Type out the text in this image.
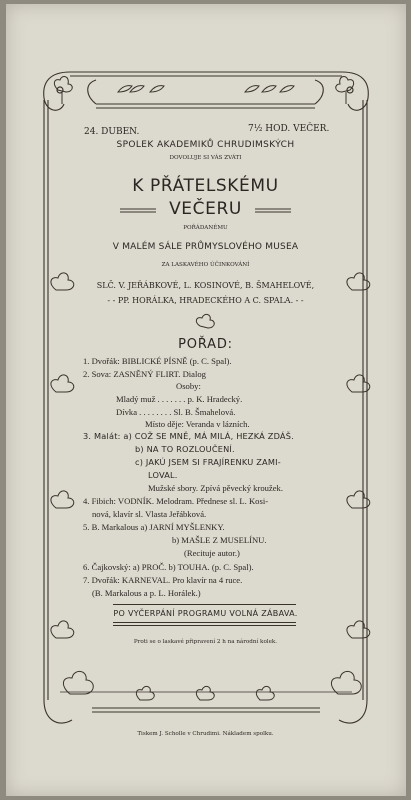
24. DUBEN.	7½ HOD. VEČER.
SPOLEK AKADEMIKŮ CHRUDIMSKÝCH
DOVOLUJE SI VÁS ZVÁTI
K PŘÁTELSKÉMU
VEČERU
POŘÁDANÉMU
V MALÉM SÁLE PRŮMYSLOVÉHO MUSEA
ZA LASKAVÉHO ÚČINKOVÁNÍ
SLČ. V. JEŘÁBKOVÉ, L. KOSINOVÉ, B. ŠMAHELOVÉ,
- - PP. HORÁLKA, HRADECKÉHO A C. SPALA. - -
POŘAD:
1. Dvořák: BIBLICKÉ PÍSNĚ (p. C. Spal).
2. Sova: ZASNĚNÝ FLIRT. Dialog
Osoby:
Mladý muž . . . . . . . p. K. Hradecký.
Dívka . . . . . . . . Sl. B. Šmahelová.
Místo děje: Veranda v lázních.
3. Malát: a) COŽ SE MNĚ, MÁ MILÁ, HEZKÁ ZDÁŠ.
b) NA TO ROZLOUČENÍ.
c) JAKÚ JSEM SI FRAJÍRENKU ZAMI-
LOVAL.
Mužské sbory. Zpívá pěvecký kroužek.
4. Fibich: VODNÍK. Melodram. Přednese sl. L. Kosi-
nová, klavír sl. Vlasta Jeřábková.
5. B. Markalous a) JARNÍ MYŠLENKY.
b) MAŠLE Z MUSELÍNU.
(Recituje autor.)
6. Čajkovský: a) PROČ. b) TOUHA. (p. C. Spal).
7. Dvořák: KARNEVAL. Pro klavír na 4 ruce.
(B. Markalous a p. L. Horálek.)
PO VYČERPÁNÍ PROGRAMU VOLNÁ ZÁBAVA.
Proti se o laskavé připravení 2 h na národní kolek.
Tiskem J. Scholle v Chrudimi. Nákladem spolku.
